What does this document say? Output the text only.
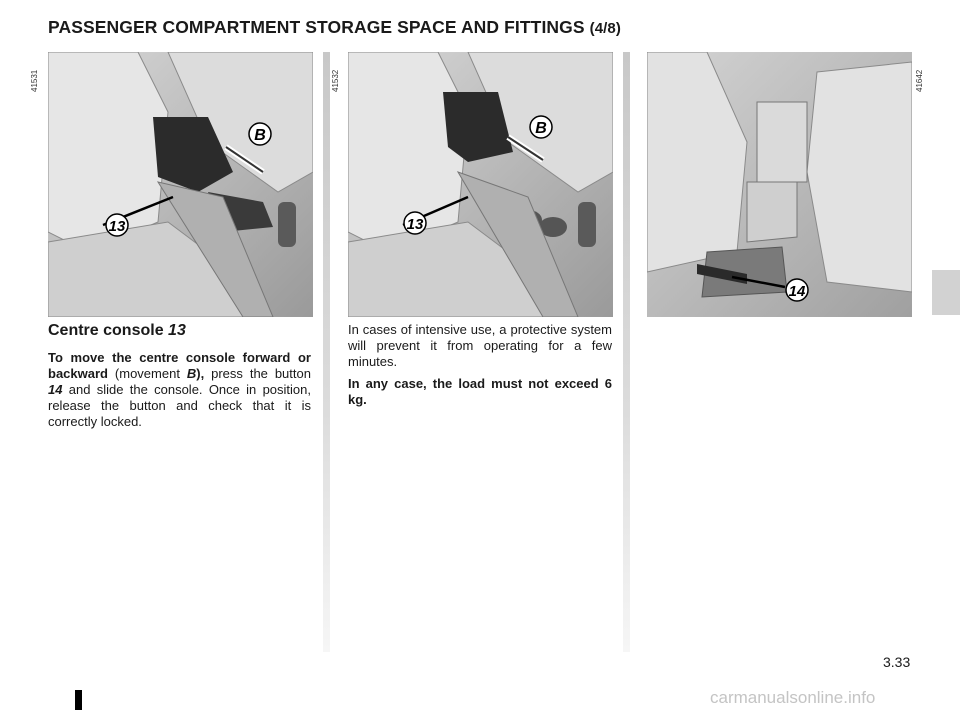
PASSENGER COMPARTMENT STORAGE SPACE AND FITTINGS (4/8)
B
13
41531
B
13
41532
14
41642
Centre console 13
To move the centre console forward or backward (movement B), press the button 14 and slide the console. Once in position, release the button and check that it is correctly locked.
In cases of intensive use, a protective system will prevent it from operating for a few minutes.
In any case, the load must not exceed 6 kg.
3.33
carmanualsonline.info
